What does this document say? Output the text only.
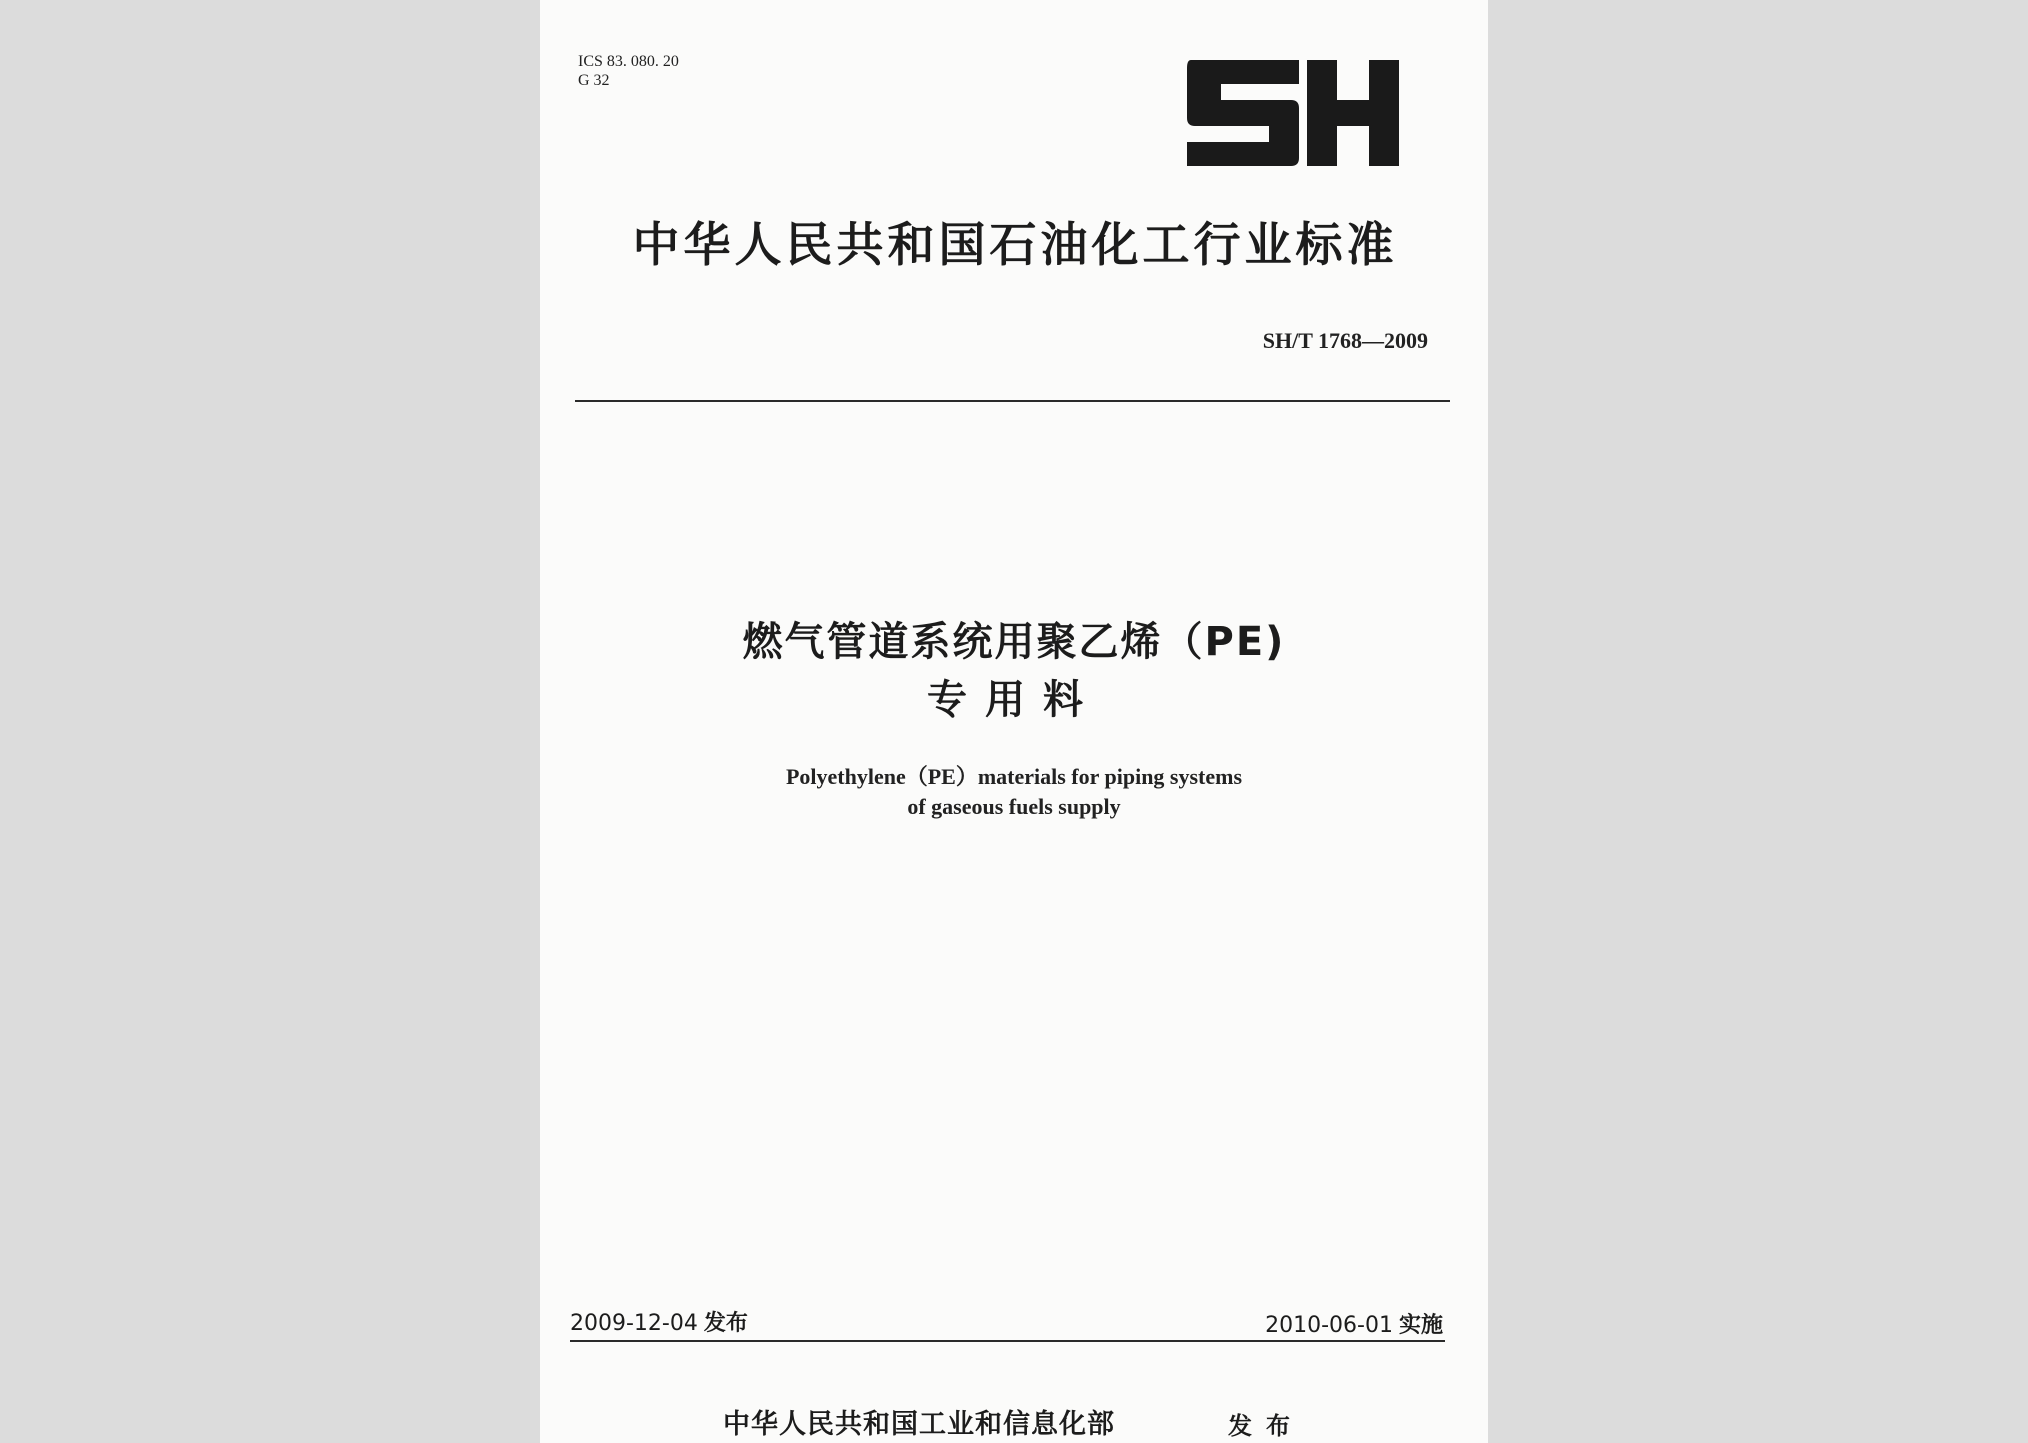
ICS 83. 080. 20
G 32
中华人民共和国石油化工行业标准
SH/T 1768—2009
燃气管道系统用聚乙烯（PE)
专用料
Polyethylene（PE）materials for piping systems
of gaseous fuels supply
2009-12-04 发布	2010-06-01 实施
中华人民共和国工业和信息化部	发布
